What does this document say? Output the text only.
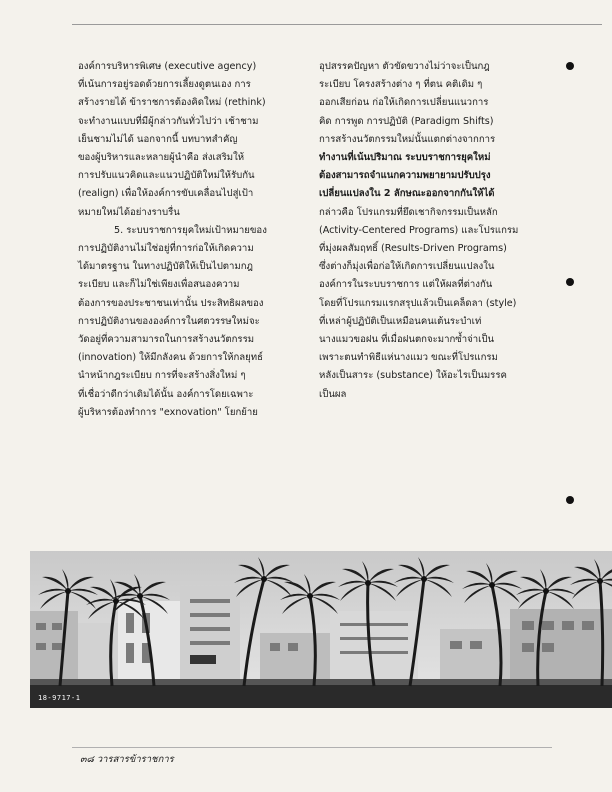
องค์การบริหารพิเศษ (executive agency)

ที่เน้นการอยู่รอดด้วยการเลี้ยงดูตนเอง การ

สร้างรายได้ ข้าราชการต้องคิดใหม่ (rethink)

จะทำงานแบบที่มีผู้กล่าวกันทั่วไปว่า เช้าชาม

เย็นชามไม่ได้ นอกจากนี้ บทบาทสำคัญ

ของผู้บริหารและหลายผู้นำคือ ส่งเสริมให้

การปรับแนวคิดและแนวปฏิบัติใหม่ให้รับกัน

(realign) เพื่อให้องค์การขับเคลื่อนไปสู่เป้า

หมายใหม่ได้อย่างราบรื่น

5. ระบบราชการยุคใหม่เป้าหมายของ

การปฏิบัติงานไม่ใช่อยู่ที่การก่อให้เกิดความ

ได้มาตรฐาน ในทางปฏิบัติให้เป็นไปตามกฎ

ระเบียบ และก็ไม่ใช่เพียงเพื่อสนองความ

ต้องการของประชาชนเท่านั้น ประสิทธิผลของ

การปฏิบัติงานขององค์การในศตวรรษใหม่จะ

วัดอยู่ที่ความสามารถในการสร้างนวัตกรรม

(innovation) ให้มีกลังคน ด้วยการให้กลยุทธ์

นำหน้ากฎระเบียบ การที่จะสร้างสิ่งใหม่ ๆ

ที่เชื่อว่าดีกว่าเดิมได้นั้น องค์การโดยเฉพาะ

ผู้บริหารต้องทำการ "exnovation" โยกย้าย

อุปสรรคปัญหา ตัวขัดขวางไม่ว่าจะเป็นกฎ

ระเบียบ โครงสร้างต่าง ๆ ที่ตน คติเดิม ๆ

ออกเสียก่อน ก่อให้เกิดการเปลี่ยนแนวการ

คิด การพูด การปฏิบัติ (Paradigm Shifts)

การสร้างนวัตกรรมใหม่นั้นแตกต่างจากการ

ทำงานที่เน้นปริมาณ ระบบราชการยุคใหม่

ต้องสามารถจำแนกความพยายามปรับปรุง

เปลี่ยนแปลงใน 2 ลักษณะออกจากกันให้ได้

กล่าวคือ โปรแกรมที่ยึดเชากิจกรรมเป็นหลัก

(Activity-Centered Programs) และโปรแกรม

ที่มุ่งผลสัมฤทธิ์ (Results-Driven Programs)

ซึ่งต่างก็มุ่งเพื่อก่อให้เกิดการเปลี่ยนแปลงใน

องค์การในระบบราชการ แต่ให้ผลที่ต่างกัน

โดยที่โปรแกรมแรกสรุปแล้วเป็นเคล็ดลา (style)

ที่เหล่าผู้ปฏิบัติเป็นเหมือนคนเต้นระบำเท่

นางแมวขอฝน ที่เมื่อฝนตกจะมากซ้ำจ่าเป็น

เพราะตนทำพิธีแห่นางแมว ขณะที่โปรแกรม

หลังเป็นสาระ (substance) ให้อะไรเป็นมรรค

เป็นผล

18-9717-1
๓๘ วารสารข้าราชการ
